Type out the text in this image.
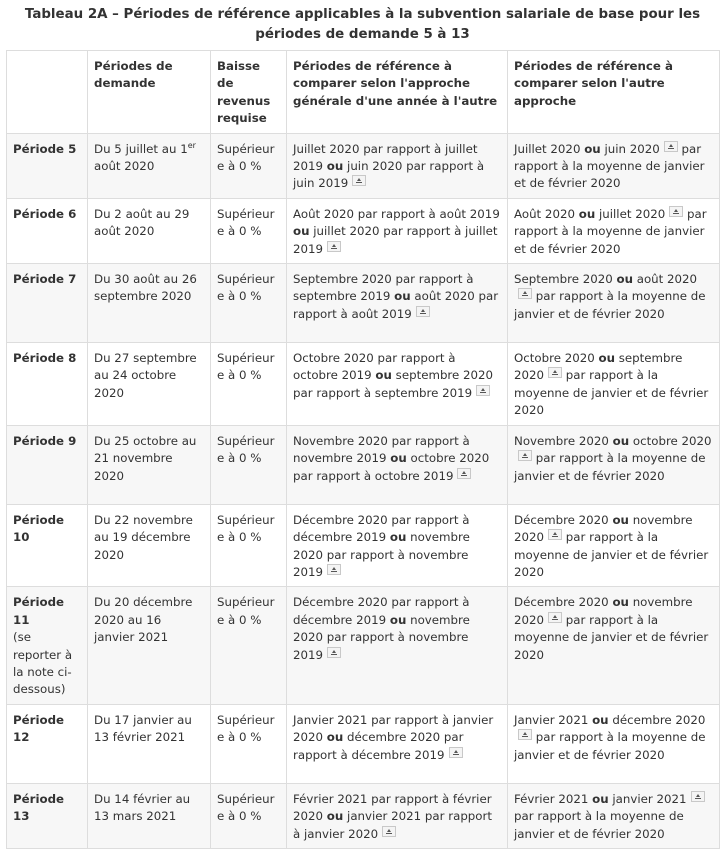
Tableau 2A – Périodes de référence applicables à la subvention salariale de base pour les périodes de demande 5 à 13
	Périodes de demande	Baisse de revenus requise	Périodes de référence à comparer selon l'approche générale d'une année à l'autre	Périodes de référence à comparer selon l'autre approche
Période 5	Du 5 juillet au 1er août 2020	Supérieure à 0 %	Juillet 2020 par rapport à juillet 2019 ou juin 2020 par rapport à juin 2019	Juillet 2020 ou juin 2020 par rapport à la moyenne de janvier et de février 2020
Période 6	Du 2 août au 29 août 2020	Supérieure à 0 %	Août 2020 par rapport à août 2019 ou juillet 2020 par rapport à juillet 2019	Août 2020 ou juillet 2020 par rapport à la moyenne de janvier et de février 2020
Période 7	Du 30 août au 26 septembre 2020	Supérieure à 0 %	Septembre 2020 par rapport à septembre 2019 ou août 2020 par rapport à août 2019	Septembre 2020 ou août 2020 par rapport à la moyenne de janvier et de février 2020
Période 8	Du 27 septembre au 24 octobre 2020	Supérieure à 0 %	Octobre 2020 par rapport à octobre 2019 ou septembre 2020 par rapport à septembre 2019	Octobre 2020 ou septembre 2020 par rapport à la moyenne de janvier et de février 2020
Période 9	Du 25 octobre au 21 novembre 2020	Supérieure à 0 %	Novembre 2020 par rapport à novembre 2019 ou octobre 2020 par rapport à octobre 2019	Novembre 2020 ou octobre 2020 par rapport à la moyenne de janvier et de février 2020
Période 10	Du 22 novembre au 19 décembre 2020	Supérieure à 0 %	Décembre 2020 par rapport à décembre 2019 ou novembre 2020 par rapport à novembre 2019	Décembre 2020 ou novembre 2020 par rapport à la moyenne de janvier et de février 2020
Période 11
(se reporter à la note ci-dessous)	Du 20 décembre 2020 au 16 janvier 2021	Supérieure à 0 %	Décembre 2020 par rapport à décembre 2019 ou novembre 2020 par rapport à novembre 2019	Décembre 2020 ou novembre 2020 par rapport à la moyenne de janvier et de février 2020
Période 12	Du 17 janvier au 13 février 2021	Supérieure à 0 %	Janvier 2021 par rapport à janvier 2020 ou décembre 2020 par rapport à décembre 2019	Janvier 2021 ou décembre 2020 par rapport à la moyenne de janvier et de février 2020
Période 13	Du 14 février au 13 mars 2021	Supérieure à 0 %	Février 2021 par rapport à février 2020 ou janvier 2021 par rapport à janvier 2020	Février 2021 ou janvier 2021 par rapport à la moyenne de janvier et de février 2020
